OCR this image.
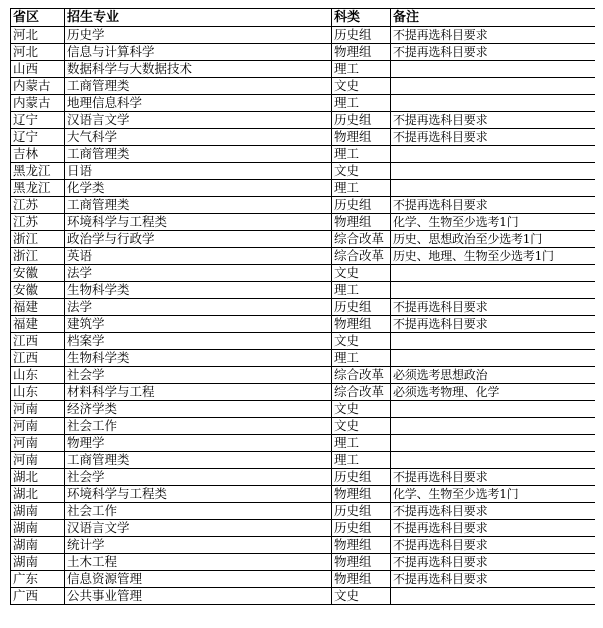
省区	招生专业	科类	备注
河北	历史学	历史组	不提再选科目要求
河北	信息与计算科学	物理组	不提再选科目要求
山西	数据科学与大数据技术	理工	
内蒙古	工商管理类	文史	
内蒙古	地理信息科学	理工	
辽宁	汉语言文学	历史组	不提再选科目要求
辽宁	大气科学	物理组	不提再选科目要求
吉林	工商管理类	理工	
黑龙江	日语	文史	
黑龙江	化学类	理工	
江苏	工商管理类	历史组	不提再选科目要求
江苏	环境科学与工程类	物理组	化学、生物至少选考1门
浙江	政治学与行政学	综合改革	历史、思想政治至少选考1门
浙江	英语	综合改革	历史、地理、生物至少选考1门
安徽	法学	文史	
安徽	生物科学类	理工	
福建	法学	历史组	不提再选科目要求
福建	建筑学	物理组	不提再选科目要求
江西	档案学	文史	
江西	生物科学类	理工	
山东	社会学	综合改革	必须选考思想政治
山东	材料科学与工程	综合改革	必须选考物理、化学
河南	经济学类	文史	
河南	社会工作	文史	
河南	物理学	理工	
河南	工商管理类	理工	
湖北	社会学	历史组	不提再选科目要求
湖北	环境科学与工程类	物理组	化学、生物至少选考1门
湖南	社会工作	历史组	不提再选科目要求
湖南	汉语言文学	历史组	不提再选科目要求
湖南	统计学	物理组	不提再选科目要求
湖南	土木工程	物理组	不提再选科目要求
广东	信息资源管理	物理组	不提再选科目要求
广西	公共事业管理	文史	
